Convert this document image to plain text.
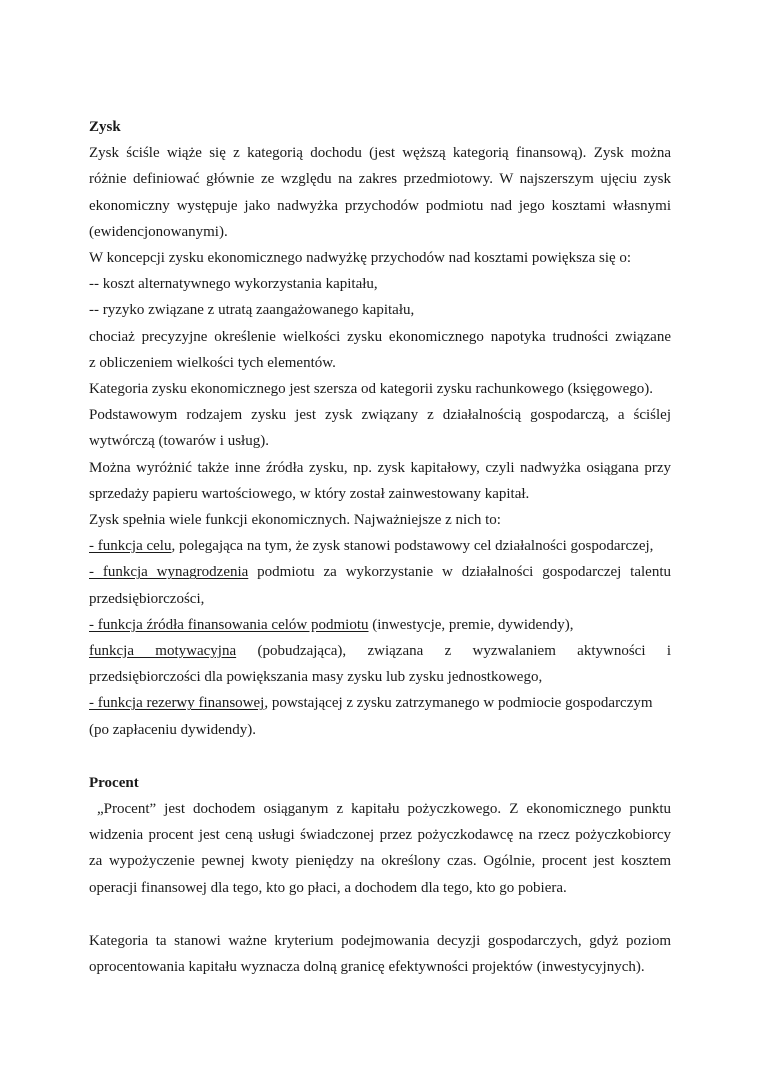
Zysk

Zysk ściśle wiąże się z kategorią dochodu (jest węższą kategorią finansową). Zysk można

różnie definiować głównie ze względu na zakres przedmiotowy. W najszerszym ujęciu zysk

ekonomiczny występuje jako nadwyżka przychodów podmiotu nad jego kosztami własnymi

(ewidencjonowanymi).

W koncepcji zysku ekonomicznego nadwyżkę przychodów nad kosztami powiększa się o:

-- koszt alternatywnego wykorzystania kapitału,

-- ryzyko związane z utratą zaangażowanego kapitału,

chociaż precyzyjne określenie wielkości zysku ekonomicznego napotyka trudności związane

z obliczeniem wielkości tych elementów.

Kategoria zysku ekonomicznego jest szersza od kategorii zysku rachunkowego (księgowego).

Podstawowym rodzajem zysku jest zysk związany z działalnością gospodarczą, a ściślej

wytwórczą (towarów i usług).

Można wyróżnić także inne źródła zysku, np. zysk kapitałowy, czyli nadwyżka osiągana przy

sprzedaży papieru wartościowego, w który został zainwestowany kapitał.

Zysk spełnia wiele funkcji ekonomicznych. Najważniejsze z nich to:

- funkcja celu, polegająca na tym, że zysk stanowi podstawowy cel działalności gospodarczej,

- funkcja wynagrodzenia podmiotu za wykorzystanie w działalności gospodarczej talentu

przedsiębiorczości,

- funkcja źródła finansowania celów podmiotu (inwestycje, premie, dywidendy),

funkcja motywacyjna (pobudzająca), związana z wyzwalaniem aktywności i

przedsiębiorczości dla powiększania masy zysku lub zysku jednostkowego,

- funkcja rezerwy finansowej, powstającej z zysku zatrzymanego w podmiocie gospodarczym

(po zapłaceniu dywidendy).

Procent

„Procent” jest dochodem osiąganym z kapitału pożyczkowego. Z ekonomicznego punktu

widzenia procent jest ceną usługi świadczonej przez pożyczkodawcę na rzecz pożyczkobiorcy

za wypożyczenie pewnej kwoty pieniędzy na określony czas. Ogólnie, procent jest kosztem

operacji finansowej dla tego, kto go płaci, a dochodem dla tego, kto go pobiera.

Kategoria ta stanowi ważne kryterium podejmowania decyzji gospodarczych, gdyż poziom

oprocentowania kapitału wyznacza dolną granicę efektywności projektów (inwestycyjnych).
